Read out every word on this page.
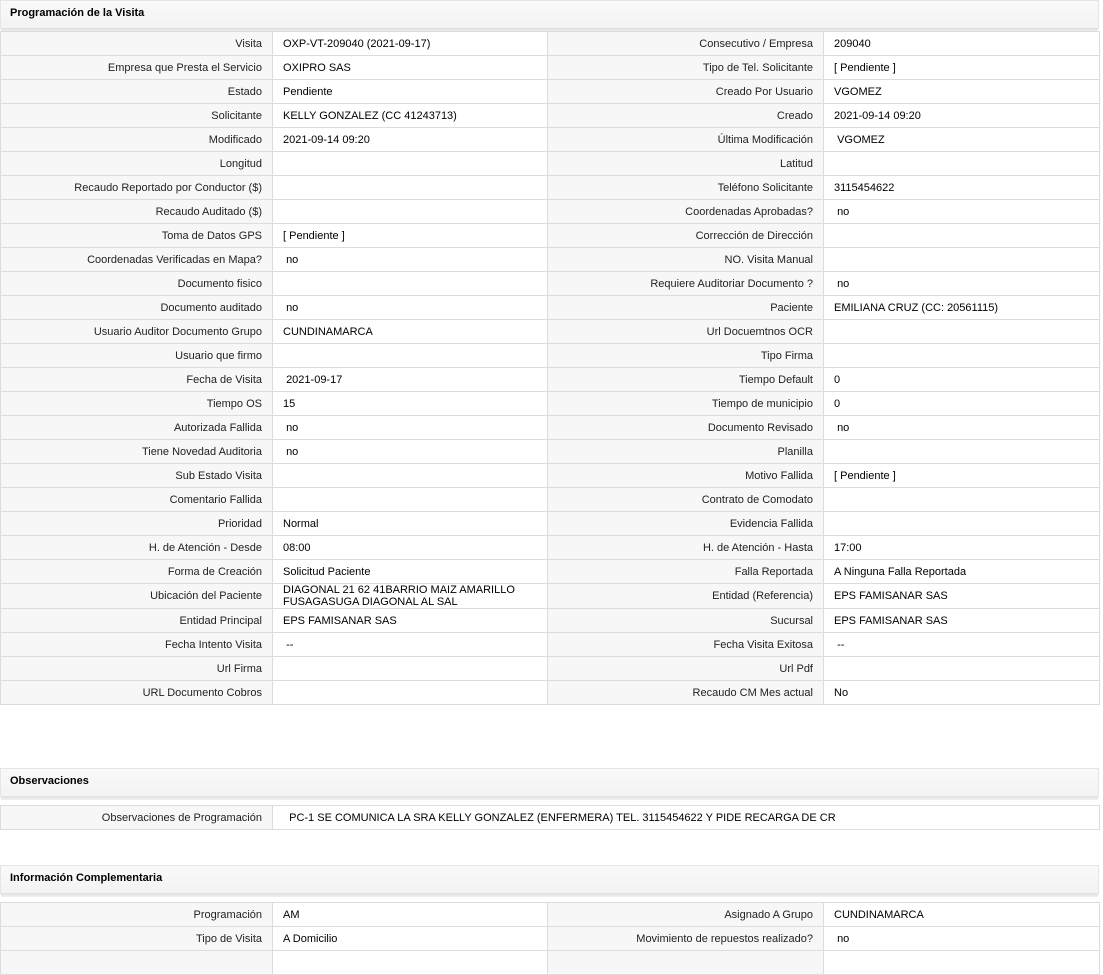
Programación de la Visita
Visita	OXP-VT-209040 (2021-09-17)	Consecutivo / Empresa	209040
Empresa que Presta el Servicio	OXIPRO SAS	Tipo de Tel. Solicitante	[ Pendiente ]
Estado	Pendiente	Creado Por Usuario	VGOMEZ
Solicitante	KELLY GONZALEZ (CC 41243713)	Creado	2021-09-14 09:20
Modificado	2021-09-14 09:20	Última Modificación	VGOMEZ
Longitud		Latitud	
Recaudo Reportado por Conductor ($)		Teléfono Solicitante	3115454622
Recaudo Auditado ($)		Coordenadas Aprobadas?	no
Toma de Datos GPS	[ Pendiente ]	Corrección de Dirección	
Coordenadas Verificadas en Mapa?	no	NO. Visita Manual	
Documento fisico		Requiere Auditoriar Documento ?	no
Documento auditado	no	Paciente	EMILIANA CRUZ (CC: 20561115)
Usuario Auditor Documento Grupo	CUNDINAMARCA	Url Docuemtnos OCR	
Usuario que firmo		Tipo Firma	
Fecha de Visita	2021-09-17	Tiempo Default	0
Tiempo OS	15	Tiempo de municipio	0
Autorizada Fallida	no	Documento Revisado	no
Tiene Novedad Auditoria	no	Planilla	
Sub Estado Visita		Motivo Fallida	[ Pendiente ]
Comentario Fallida		Contrato de Comodato	
Prioridad	Normal	Evidencia Fallida	
H. de Atención - Desde	08:00	H. de Atención - Hasta	17:00
Forma de Creación	Solicitud Paciente	Falla Reportada	A Ninguna Falla Reportada
Ubicación del Paciente	DIAGONAL 21 62 41BARRIO MAIZ AMARILLO FUSAGASUGA DIAGONAL AL SAL	Entidad (Referencia)	EPS FAMISANAR SAS
Entidad Principal	EPS FAMISANAR SAS	Sucursal	EPS FAMISANAR SAS
Fecha Intento Visita	--	Fecha Visita Exitosa	--
Url Firma		Url Pdf	
URL Documento Cobros		Recaudo CM Mes actual	No
Observaciones
Observaciones de Programación	PC-1 SE COMUNICA LA SRA KELLY GONZALEZ (ENFERMERA) TEL. 3115454622 Y PIDE RECARGA DE CR
Información Complementaria
Programación	AM	Asignado A Grupo	CUNDINAMARCA
Tipo de Visita	A Domicilio	Movimiento de repuestos realizado?	no
